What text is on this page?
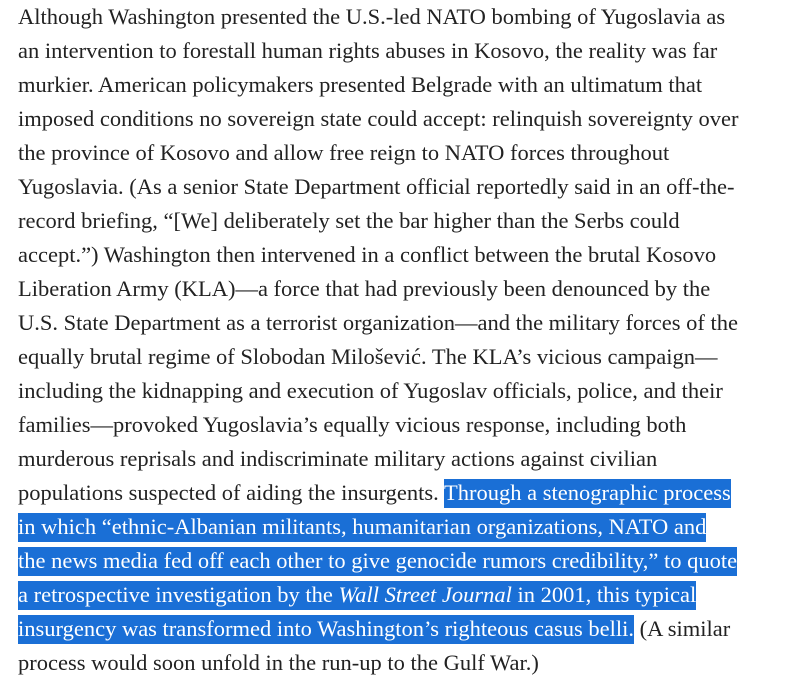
Although Washington presented the U.S.-led NATO bombing of Yugoslavia as
an intervention to forestall human rights abuses in Kosovo, the reality was far
murkier. American policymakers presented Belgrade with an ultimatum that
imposed conditions no sovereign state could accept: relinquish sovereignty over
the province of Kosovo and allow free reign to NATO forces throughout
Yugoslavia. (As a senior State Department official reportedly said in an off-the-
record briefing, “[We] deliberately set the bar higher than the Serbs could
accept.”) Washington then intervened in a conflict between the brutal Kosovo
Liberation Army (KLA)—a force that had previously been denounced by the
U.S. State Department as a terrorist organization—and the military forces of the
equally brutal regime of Slobodan Milošević. The KLA’s vicious campaign—
including the kidnapping and execution of Yugoslav officials, police, and their
families—provoked Yugoslavia’s equally vicious response, including both
murderous reprisals and indiscriminate military actions against civilian
populations suspected of aiding the insurgents. Through a stenographic process
in which “ethnic-Albanian militants, humanitarian organizations, NATO and
the news media fed off each other to give genocide rumors credibility,” to quote
a retrospective investigation by the Wall Street Journal in 2001, this typical
insurgency was transformed into Washington’s righteous casus belli. (A similar
process would soon unfold in the run-up to the Gulf War.)
